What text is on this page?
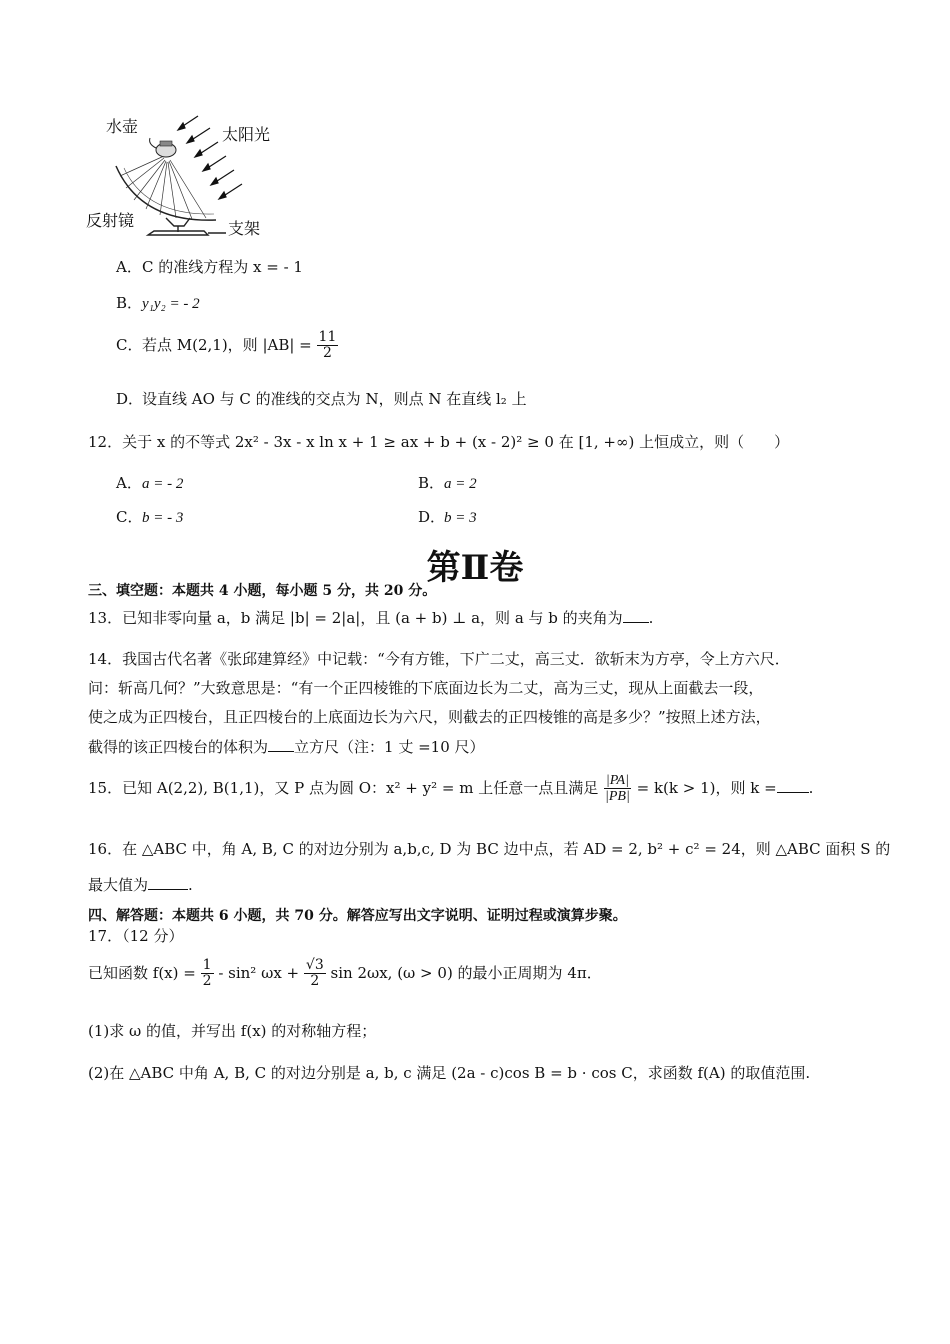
水壶	太阳光
反射镜	支架
A．C 的准线方程为 x = - 1
B．y₁y₂ = - 2
C．若点 M(2,1)，则 $|AB| = \frac{11}{2}$
D．设直线 AO 与 C 的准线的交点为 N，则点 N 在直线 l₂ 上
12．关于 x 的不等式 2x² - 3x - x ln x + 1 ≥ ax + b + (x - 2)² ≥ 0 在 [1, +∞) 上恒成立，则（　　）
A．a = - 2	B．a = 2
C．b = - 3	D．b = 3
第Ⅱ卷
三、填空题：本题共 4 小题，每小题 5 分，共 20 分。
13．已知非零向量 a，b 满足 |b| = 2|a|，且 (a + b) ⊥ a，则 a 与 b 的夹角为 .
14．我国古代名著《张邱建算经》中记载：“今有方锥，下广二丈，高三丈．欲斩末为方亭，令上方六尺．
问：斩高几何？”大致意思是：“有一个正四棱锥的下底面边长为二丈，高为三丈，现从上面截去一段，
使之成为正四棱台，且正四棱台的上底面边长为六尺，则截去的正四棱锥的高是多少？”按照上述方法，
截得的该正四棱台的体积为 立方尺（注：1 丈 =10 尺）
15．已知 A(2,2), B(1,1)，又 P 点为圆 O：x² + y² = m 上任意一点且满足 $\frac{|PA|}{|PB|} = k(k > 1)$，则 k = .
16．在 △ABC 中，角 A, B, C 的对边分别为 a,b,c, D 为 BC 边中点，若 AD = 2, b² + c² = 24，则 △ABC 面积 S 的
最大值为	.
四、解答题：本题共 6 小题，共 70 分。解答应写出文字说明、证明过程或演算步聚。
17．（12 分）
已知函数 $f(x) = \frac{1}{2} - \sin^2$ $\omega x + \frac{√3}{2}$ sin 2ωx, (ω > 0) 的最小正周期为 4π．
(1)求 ω 的值，并写出 f(x) 的对称轴方程；
(2)在 △ABC 中角 A, B, C 的对边分别是 a, b, c 满足 (2a - c)cos B = b · cos C，求函数 f(A) 的取值范围.
